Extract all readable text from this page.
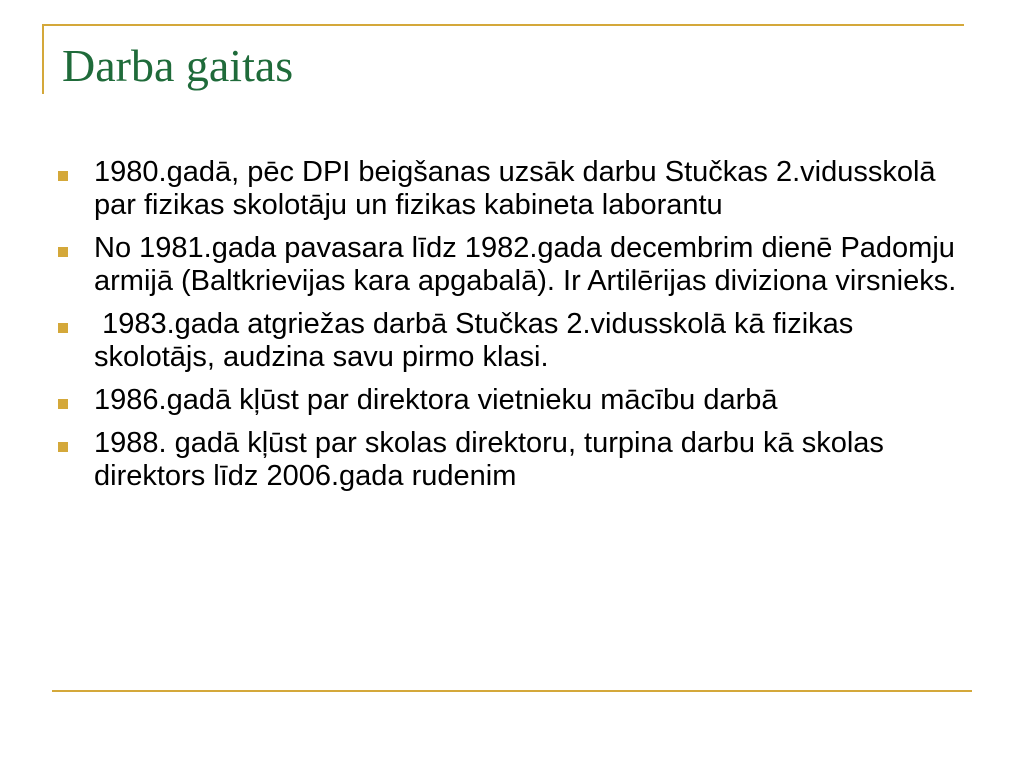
Darba gaitas
1980.gadā, pēc DPI beigšanas uzsāk darbu Stučkas 2.vidusskolā par fizikas skolotāju un fizikas kabineta laborantu
No 1981.gada pavasara līdz 1982.gada decembrim dienē Padomju armijā (Baltkrievijas kara apgabalā). Ir Artilērijas diviziona virsnieks.
1983.gada atgriežas darbā Stučkas 2.vidusskolā kā fizikas skolotājs, audzina savu pirmo klasi.
1986.gadā kļūst par direktora vietnieku mācību darbā
1988. gadā kļūst par skolas direktoru, turpina darbu kā skolas direktors līdz 2006.gada rudenim
